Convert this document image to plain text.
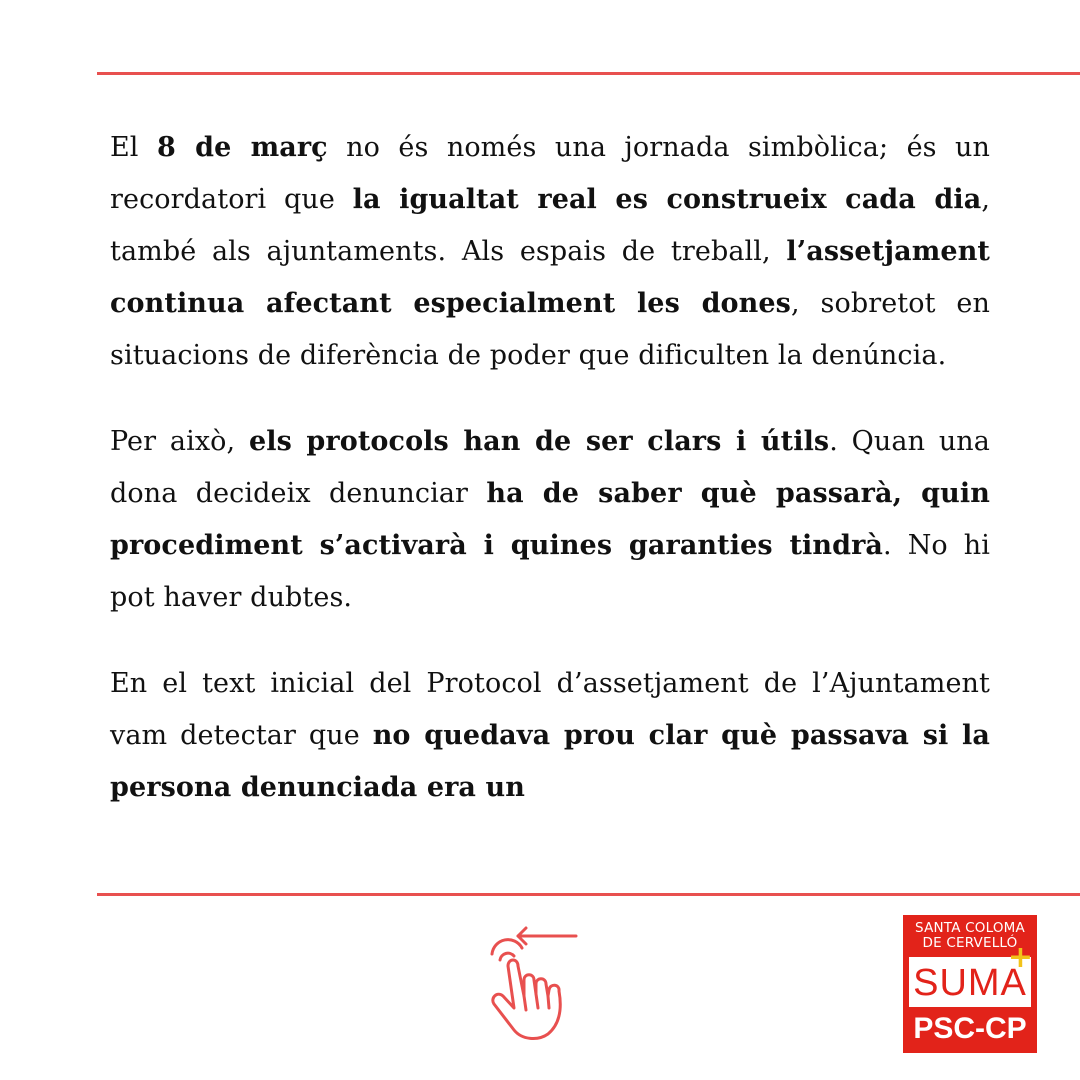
El 8 de març no és només una jornada simbòlica; és un recordatori que la igualtat real es construeix cada dia, també als ajuntaments. Als espais de treball, l’assetjament continua afectant especialment les dones, sobretot en situacions de diferència de poder que dificulten la denúncia.

Per això, els protocols han de ser clars i útils. Quan una dona decideix denunciar ha de saber què passarà, quin procediment s’activarà i quines garanties tindrà. No hi pot haver dubtes.

En el text inicial del Protocol d’assetjament de l’Ajuntament vam detectar que no quedava prou clar què passava si la persona denunciada era un

SANTA COLOMA
DE CERVELLÓ
SUMA
+
PSC-CP
